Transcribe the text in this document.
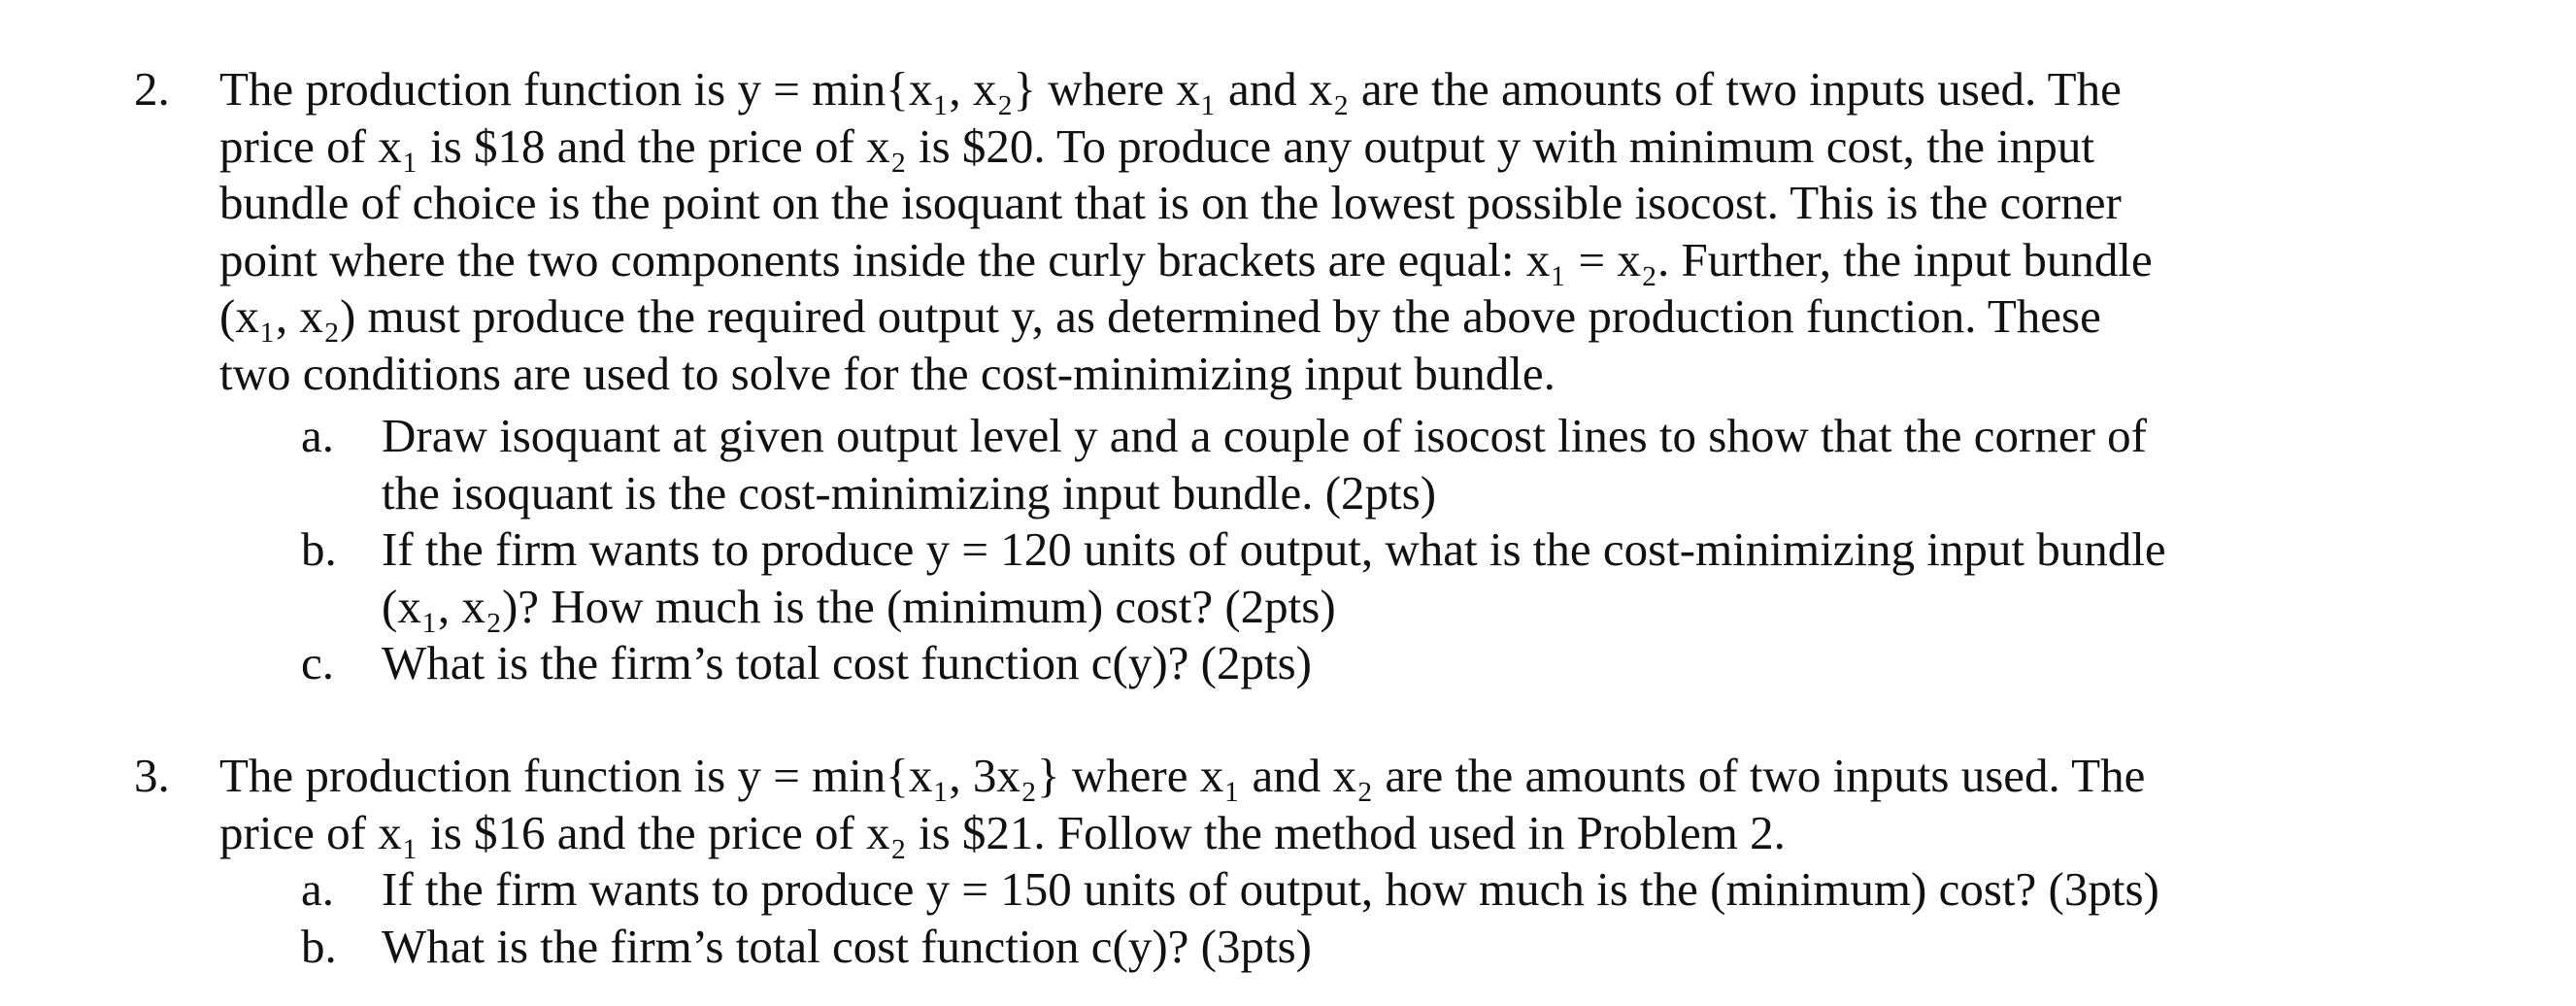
2. The production function is y = min{x₁, x₂} where x₁ and x₂ are the amounts of two inputs used. The
price of x₁ is $18 and the price of x₂ is $20. To produce any output y with minimum cost, the input
bundle of choice is the point on the isoquant that is on the lowest possible isocost. This is the corner
point where the two components inside the curly brackets are equal: x₁ = x₂. Further, the input bundle
(x₁, x₂) must produce the required output y, as determined by the above production function. These
two conditions are used to solve for the cost-minimizing input bundle.
a. Draw isoquant at given output level y and a couple of isocost lines to show that the corner of
the isoquant is the cost-minimizing input bundle. (2pts)
b. If the firm wants to produce y = 120 units of output, what is the cost-minimizing input bundle
(x₁, x₂)? How much is the (minimum) cost? (2pts)
c. What is the firm’s total cost function c(y)? (2pts)
3. The production function is y = min{x₁, 3x₂} where x₁ and x₂ are the amounts of two inputs used. The
price of x₁ is $16 and the price of x₂ is $21. Follow the method used in Problem 2.
a. If the firm wants to produce y = 150 units of output, how much is the (minimum) cost? (3pts)
b. What is the firm’s total cost function c(y)? (3pts)
